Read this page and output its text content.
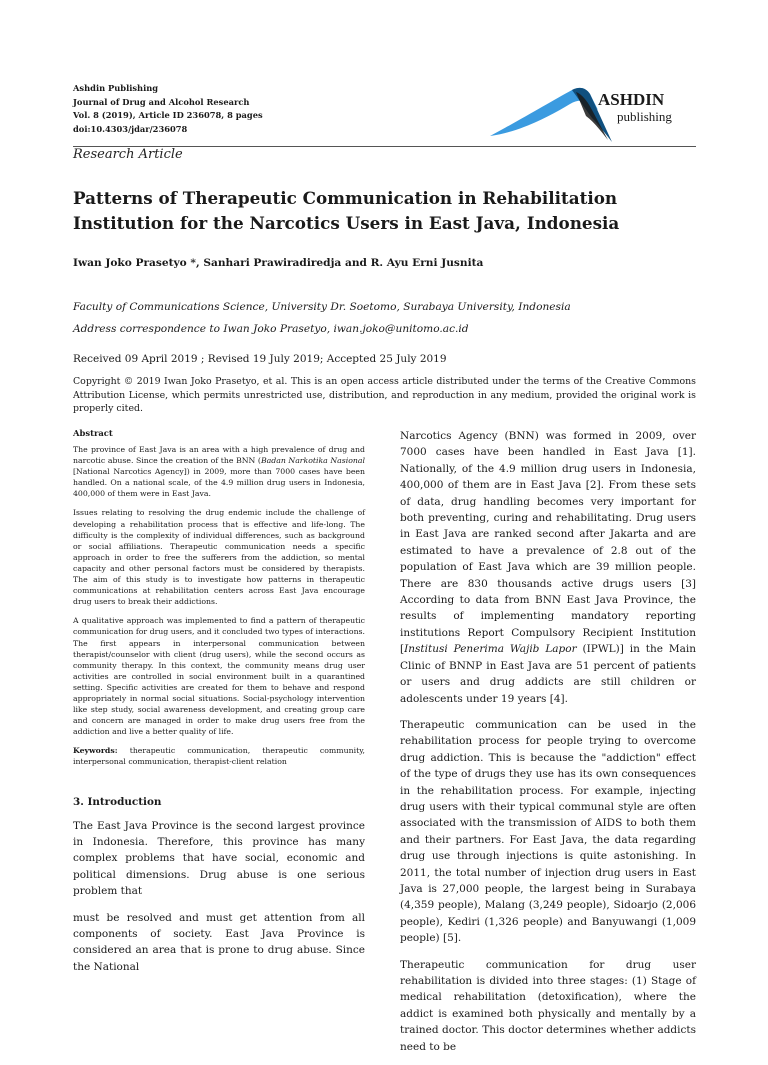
Ashdin Publishing
Journal of Drug and Alcohol Research
Vol. 8 (2019), Article ID 236078, 8 pages
doi:10.4303/jdar/236078
ASHDIN
publishing
Research Article
Patterns of Therapeutic Communication in Rehabilitation Institution for the Narcotics Users in East Java, Indonesia
Iwan Joko Prasetyo *, Sanhari Prawiradiredja and R. Ayu Erni Jusnita
Faculty of Communications Science, University Dr. Soetomo, Surabaya University, Indonesia
Address correspondence to Iwan Joko Prasetyo, iwan.joko@unitomo.ac.id
Received 09 April 2019 ; Revised 19 July 2019; Accepted 25 July 2019
Copyright © 2019 Iwan Joko Prasetyo, et al. This is an open access article distributed under the terms of the Creative Commons Attribution License, which permits unrestricted use, distribution, and reproduction in any medium, provided the original work is properly cited.
Abstract

The province of East Java is an area with a high prevalence of drug and narcotic abuse. Since the creation of the BNN (Badan Narkotika Nasional [National Narcotics Agency]) in 2009, more than 7000 cases have been handled. On a national scale, of the 4.9 million drug users in Indonesia, 400,000 of them were in East Java.

Issues relating to resolving the drug endemic include the challenge of developing a rehabilitation process that is effective and life-long. The difficulty is the complexity of individual differences, such as background or social affiliations. Therapeutic communication needs a specific approach in order to free the sufferers from the addiction, so mental capacity and other personal factors must be considered by therapists. The aim of this study is to investigate how patterns in therapeutic communications at rehabilitation centers across East Java encourage drug users to break their addictions.

A qualitative approach was implemented to find a pattern of therapeutic communication for drug users, and it concluded two types of interactions. The first appears in interpersonal communication between therapist/counselor with client (drug users), while the second occurs as community therapy. In this context, the community means drug user activities are controlled in social environment built in a quarantined setting. Specific activities are created for them to behave and respond appropriately in normal social situations. Social-psychology intervention like step study, social awareness development, and creating group care and concern are managed in order to make drug users free from the addiction and live a better quality of life.

Keywords: therapeutic communication, therapeutic community, interpersonal communication, therapist-client relation

3. Introduction

The East Java Province is the second largest province in Indonesia. Therefore, this province has many complex problems that have social, economic and political dimensions. Drug abuse is one serious problem that

must be resolved and must get attention from all components of society. East Java Province is considered an area that is prone to drug abuse. Since the National

Narcotics Agency (BNN) was formed in 2009, over 7000 cases have been handled in East Java [1]. Nationally, of the 4.9 million drug users in Indonesia, 400,000 of them are in East Java [2]. From these sets of data, drug handling becomes very important for both preventing, curing and rehabilitating. Drug users in East Java are ranked second after Jakarta and are estimated to have a prevalence of 2.8 out of the population of East Java which are 39 million people. There are 830 thousands active drugs users [3] According to data from BNN East Java Province, the results of implementing mandatory reporting institutions Report Compulsory Recipient Institution [Institusi Penerima Wajib Lapor (IPWL)] in the Main Clinic of BNNP in East Java are 51 percent of patients or users and drug addicts are still children or adolescents under 19 years [4].

Therapeutic communication can be used in the rehabilitation process for people trying to overcome drug addiction. This is because the "addiction" effect of the type of drugs they use has its own consequences in the rehabilitation process. For example, injecting drug users with their typical communal style are often associated with the transmission of AIDS to both them and their partners. For East Java, the data regarding drug use through injections is quite astonishing. In 2011, the total number of injection drug users in East Java is 27,000 people, the largest being in Surabaya (4,359 people), Malang (3,249 people), Sidoarjo (2,006 people), Kediri (1,326 people) and Banyuwangi (1,009 people) [5].

Therapeutic communication for drug user rehabilitation is divided into three stages: (1) Stage of medical rehabilitation (detoxification), where the addict is examined both physically and mentally by a trained doctor. This doctor determines whether addicts need to be
